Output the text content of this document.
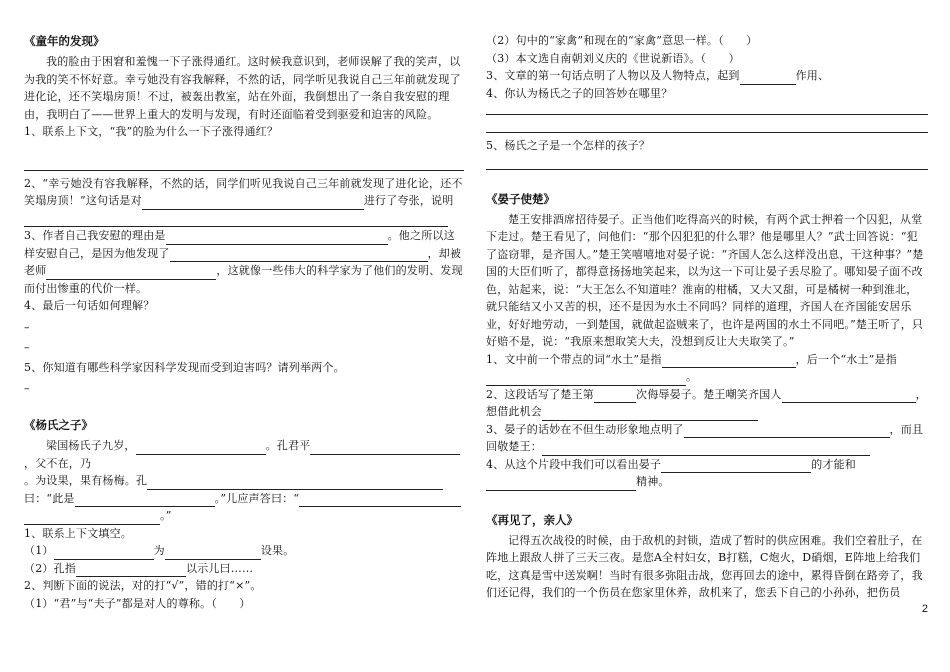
《童年的发现》

我的脸由于困窘和羞愧一下子涨得通红。这时候我意识到，老师误解了我的笑声，以为我的笑不怀好意。幸亏她没有容我解释，不然的话，同学听见我说自己三年前就发现了进化论，还不笑塌房顶！不过，被轰出教室，站在外面，我倒想出了一条自我安慰的理由，我明白了——世界上重大的发明与发现，有时还面临着受到驱爱和迫害的风险。

1、联系上下文，“我”的脸为什么一下子涨得通红？

2、“幸亏她没有容我解释，不然的话，同学们听见我说自己三年前就发现了进化论，还不笑塌房顶！”这句话是对	进行了夸张，说明

3、作者自己我安慰的理由是	。他之所以这样安慰自己，是因为他发现了	，却被老师	，这就像一些伟大的科学家为了他们的发明、发现而付出惨重的代价一样。

4、最后一句话如何理解？

–

–

5、你知道有哪些科学家因科学发现而受到迫害吗？请列举两个。

–

《杨氏之子》

梁国杨氏子九岁，	。孔君平，父不在，乃

。为设果，果有杨梅。孔

曰：“此是	。”儿应声答曰：“

。”

1、联系上下文填空。

（1）	为	设果。

（2）孔指	以示儿曰……

2、判断下面的说法，对的打“√”，错的打“×”。

（1）“君”与“夫子”都是对人的尊称。（　　）

（2）句中的“家禽”和现在的“家禽”意思一样。（　　）

（3）本文选自南朝刘义庆的《世说新语》。（　　）

3、文章的第一句话点明了人物以及人物特点，起到	作用、

4、你认为杨氏之子的回答妙在哪里？

5、杨氏之子是一个怎样的孩子？

《晏子使楚》

楚王安排酒席招待晏子。正当他们吃得高兴的时候，有两个武士押着一个囚犯，从堂下走过。楚王看见了，问他们：“那个囚犯犯的什么罪？他是哪里人？”武士回答说：“犯了盗窃罪，是齐国人。”楚王笑嘻嘻地对晏子说：“齐国人怎么这样没出息，干这种事？”楚国的大臣们听了，都得意扬扬地笑起来，以为这一下可让晏子丢尽脸了。哪知晏子面不改色，站起来，说：“大王怎么不知道哇？淮南的柑橘，又大又甜，可是橘树一种到淮北，就只能结又小又苦的枳，还不是因为水土不同吗？同样的道理，齐国人在齐国能安居乐业，好好地劳动，一到楚国，就做起盗贼来了，也许是两国的水土不同吧。”楚王听了，只好赔不是，说：“我原来想取笑大夫，没想到反让大夫取笑了。”

1、文中前一个带点的词“水土”是指	，后一个“水土”是指。

2、这段话写了楚王第	次侮辱晏子。楚王嘲笑齐国人	，想借此机会

3、晏子的话妙在不但生动形象地点明了	，而且回敬楚王：

4、从这个片段中我们可以看出晏子	的才能和精神。

《再见了，亲人》

记得五次战役的时候，由于敌机的封锁，造成了暂时的供应困难。我们空着肚子，在阵地上跟敌人拼了三天三夜。是您A全村妇女，B打糕，C炮火，D硝烟，E阵地上给我们吃，这真是雪中送炭啊！当时有很多弥阻击战，您再回去的途中，累得昏倒在路旁了，我们还记得，我们的一个伤员在您家里休养，敌机来了，您丢下自己的小孙孙，把伤员

2
